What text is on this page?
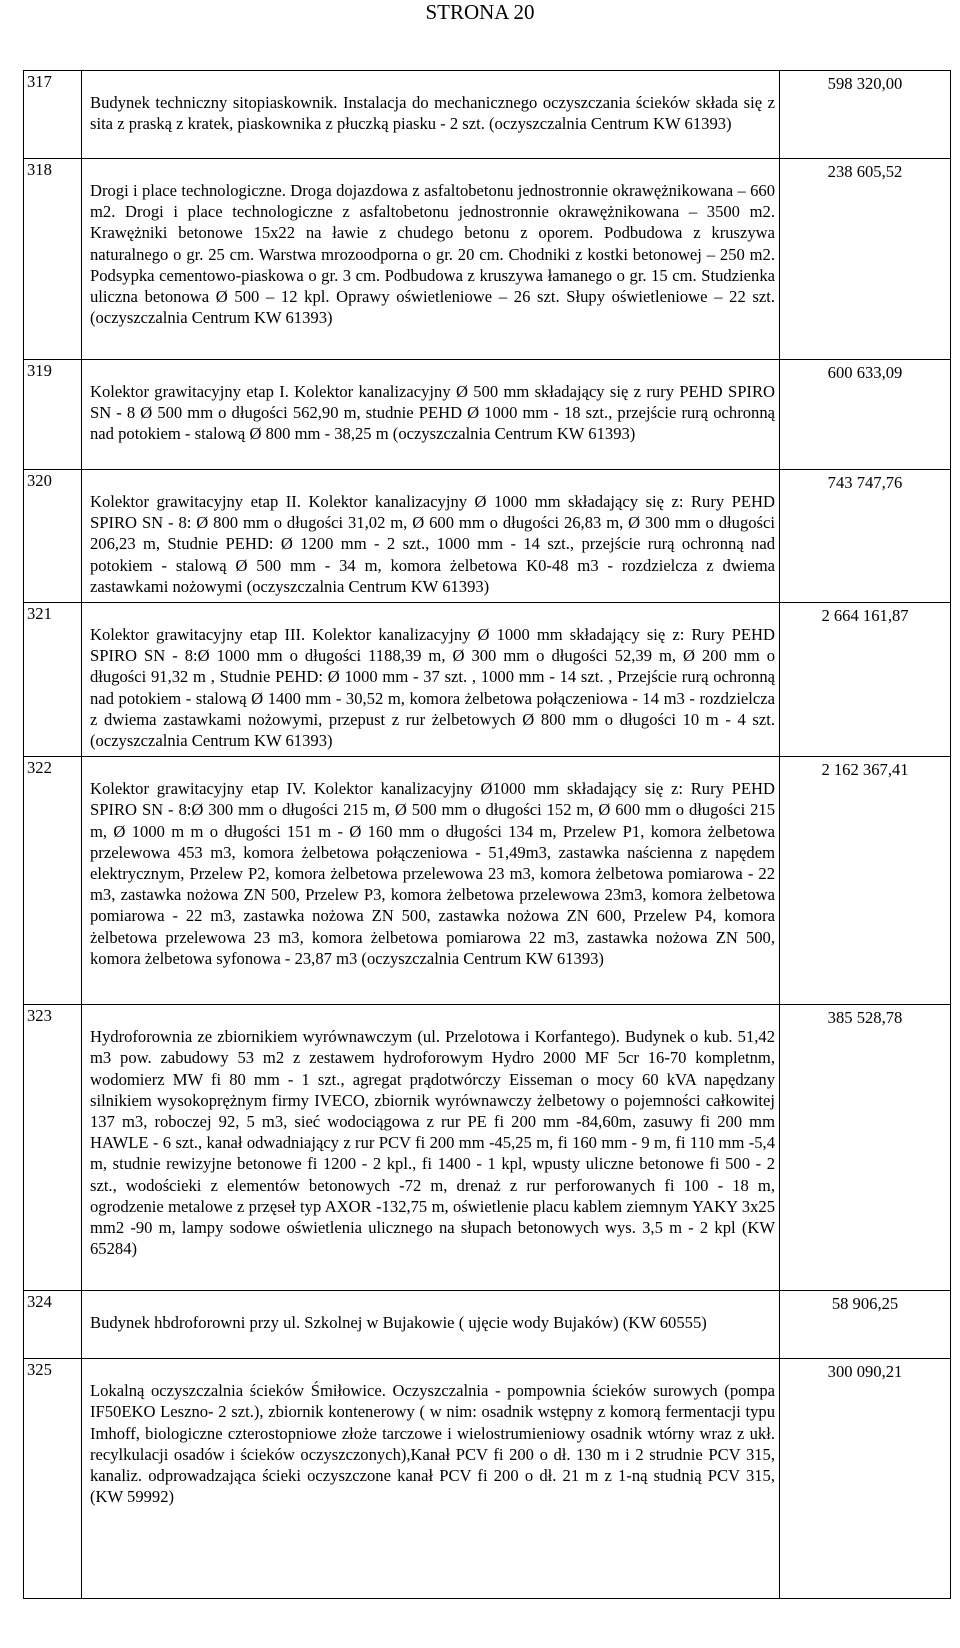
STRONA 20
317	Budynek techniczny sitopiaskownik. Instalacja do mechanicznego oczyszczania ścieków składa się z sita z praską z kratek, piaskownika z płuczką piasku - 2 szt. (oczyszczalnia Centrum KW 61393)	598 320,00
318	Drogi i place technologiczne. Droga dojazdowa z asfaltobetonu jednostronnie okrawężnikowana – 660 m2. Drogi i place technologiczne z asfaltobetonu jednostronnie okrawężnikowana – 3500 m2. Krawężniki betonowe 15x22 na ławie z chudego betonu z oporem. Podbudowa z kruszywa naturalnego o gr. 25 cm. Warstwa mrozoodporna o gr. 20 cm. Chodniki z kostki betonowej – 250 m2. Podsypka cementowo-piaskowa o gr. 3 cm. Podbudowa z kruszywa łamanego o gr. 15 cm. Studzienka uliczna betonowa Ø 500 – 12 kpl. Oprawy oświetleniowe – 26 szt. Słupy oświetleniowe – 22 szt. (oczyszczalnia Centrum KW 61393)	238 605,52
319	Kolektor grawitacyjny etap I. Kolektor kanalizacyjny Ø 500 mm składający się z rury PEHD SPIRO SN - 8 Ø 500 mm o długości 562,90 m, studnie PEHD Ø 1000 mm - 18 szt., przejście rurą ochronną nad potokiem - stalową Ø 800 mm - 38,25 m (oczyszczalnia Centrum KW 61393)	600 633,09
320	Kolektor grawitacyjny etap II. Kolektor kanalizacyjny Ø 1000 mm składający się z: Rury PEHD SPIRO SN - 8: Ø 800 mm o długości 31,02 m, Ø 600 mm o długości 26,83 m, Ø 300 mm o długości 206,23 m, Studnie PEHD: Ø 1200 mm - 2 szt., 1000 mm - 14 szt., przejście rurą ochronną nad potokiem - stalową Ø 500 mm - 34 m, komora żelbetowa K0-48 m3 - rozdzielcza z dwiema zastawkami nożowymi (oczyszczalnia Centrum KW 61393)	743 747,76
321	Kolektor grawitacyjny etap III. Kolektor kanalizacyjny Ø 1000 mm składający się z: Rury PEHD SPIRO SN - 8:Ø 1000 mm o długości 1188,39 m, Ø 300 mm o długości 52,39 m, Ø 200 mm o długości 91,32 m , Studnie PEHD: Ø 1000 mm - 37 szt. , 1000 mm - 14 szt. , Przejście rurą ochronną nad potokiem - stalową Ø 1400 mm - 30,52 m, komora żelbetowa połączeniowa - 14 m3 - rozdzielcza z dwiema zastawkami nożowymi, przepust z rur żelbetowych Ø 800 mm o długości 10 m - 4 szt. (oczyszczalnia Centrum KW 61393)	2 664 161,87
322	Kolektor grawitacyjny etap IV. Kolektor kanalizacyjny Ø1000 mm składający się z: Rury PEHD SPIRO SN - 8:Ø 300 mm o długości 215 m, Ø 500 mm o długości 152 m, Ø 600 mm o długości 215 m, Ø 1000 m m o długości 151 m - Ø 160 mm o długości 134 m, Przelew P1, komora żelbetowa przelewowa 453 m3, komora żelbetowa połączeniowa - 51,49m3, zastawka naścienna z napędem elektrycznym, Przelew P2, komora żelbetowa przelewowa 23 m3, komora żelbetowa pomiarowa - 22 m3, zastawka nożowa ZN 500, Przelew P3, komora żelbetowa przelewowa 23m3, komora żelbetowa pomiarowa - 22 m3, zastawka nożowa ZN 500, zastawka nożowa ZN 600, Przelew P4, komora żelbetowa przelewowa 23 m3, komora żelbetowa pomiarowa 22 m3, zastawka nożowa ZN 500, komora żelbetowa syfonowa - 23,87 m3 (oczyszczalnia Centrum KW 61393)	2 162 367,41
323	Hydroforownia ze zbiornikiem wyrównawczym (ul. Przelotowa i Korfantego). Budynek o kub. 51,42 m3 pow. zabudowy 53 m2 z zestawem hydroforowym Hydro 2000 MF 5cr 16-70 kompletnm, wodomierz MW fi 80 mm - 1 szt., agregat prądotwórczy Eisseman o mocy 60 kVA napędzany silnikiem wysokoprężnym firmy IVECO, zbiornik wyrównawczy żelbetowy o pojemności całkowitej 137 m3, roboczej 92, 5 m3, sieć wodociągowa z rur PE fi 200 mm -84,60m, zasuwy fi 200 mm HAWLE - 6 szt., kanał odwadniający z rur PCV fi 200 mm -45,25 m, fi 160 mm - 9 m, fi 110 mm -5,4 m, studnie rewizyjne betonowe fi 1200 - 2 kpl., fi 1400 - 1 kpl, wpusty uliczne betonowe fi 500 - 2 szt., wodościeki z elementów betonowych -72 m, drenaż z rur perforowanych fi 100 - 18 m, ogrodzenie metalowe z przęseł typ AXOR -132,75 m, oświetlenie placu kablem ziemnym YAKY 3x25 mm2 -90 m, lampy sodowe oświetlenia ulicznego na słupach betonowych wys. 3,5 m - 2 kpl (KW 65284)	385 528,78
324	Budynek hbdroforowni przy ul. Szkolnej w Bujakowie ( ujęcie wody Bujaków) (KW 60555)	58 906,25
325	Lokalną oczyszczalnia ścieków Śmiłowice. Oczyszczalnia - pompownia ścieków surowych (pompa IF50EKO Leszno- 2 szt.), zbiornik kontenerowy ( w nim: osadnik wstępny z komorą fermentacji typu Imhoff, biologiczne czterostopniowe złoże tarczowe i wielostrumieniowy osadnik wtórny wraz z ukł. recylkulacji osadów i ścieków oczyszczonych),Kanał PCV fi 200 o dł. 130 m i 2 strudnie PCV 315, kanaliz. odprowadzająca ścieki oczyszczone kanał PCV fi 200 o dł. 21 m z 1-ną studnią PCV 315, (KW 59992)	300 090,21
